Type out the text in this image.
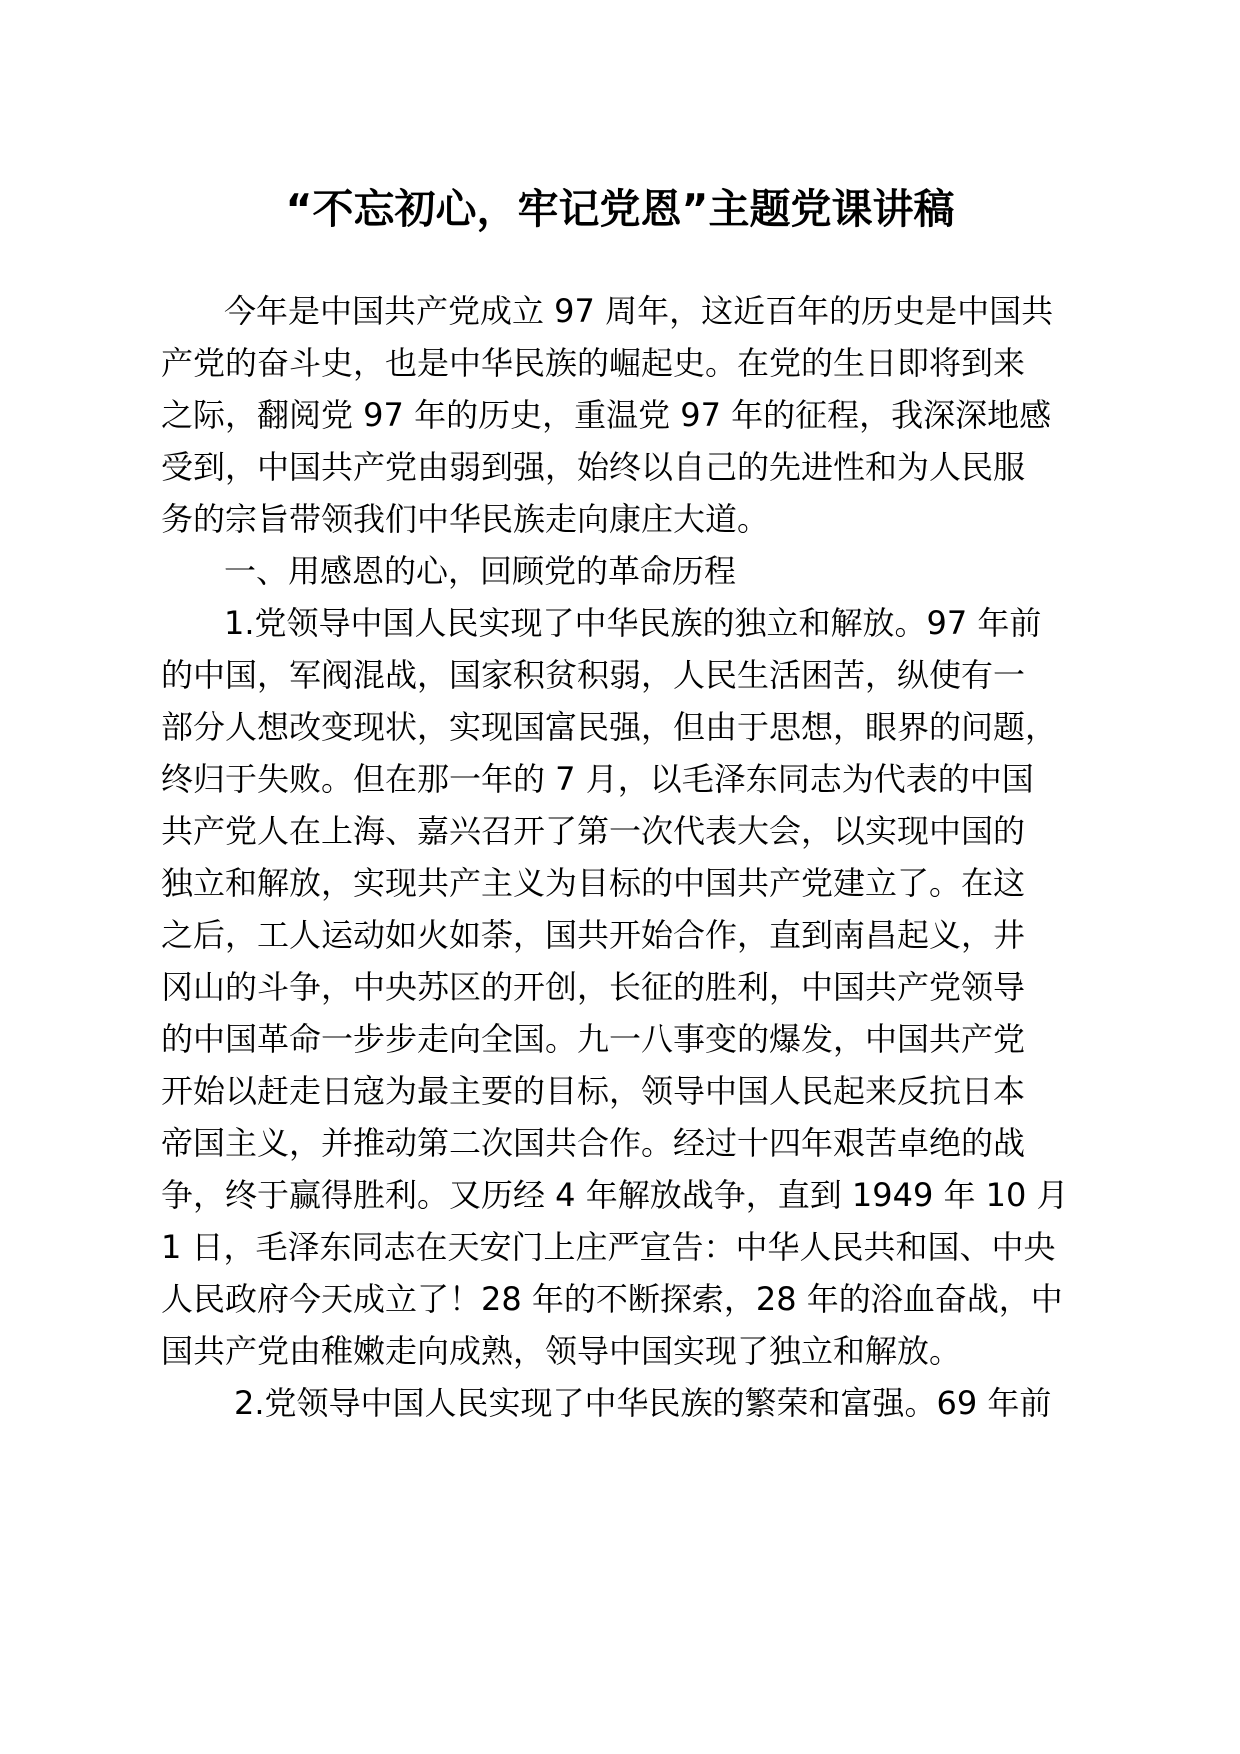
“不忘初心，牢记党恩”主题党课讲稿

今年是中国共产党成立 97 周年，这近百年的历史是中国共

产党的奋斗史，也是中华民族的崛起史。在党的生日即将到来

之际，翻阅党 97 年的历史，重温党 97 年的征程，我深深地感

受到，中国共产党由弱到强，始终以自己的先进性和为人民服

务的宗旨带领我们中华民族走向康庄大道。

一、用感恩的心，回顾党的革命历程

1.党领导中国人民实现了中华民族的独立和解放。97 年前

的中国，军阀混战，国家积贫积弱，人民生活困苦，纵使有一

部分人想改变现状，实现国富民强，但由于思想，眼界的问题，

终归于失败。但在那一年的 7 月，以毛泽东同志为代表的中国

共产党人在上海、嘉兴召开了第一次代表大会，以实现中国的

独立和解放，实现共产主义为目标的中国共产党建立了。在这

之后，工人运动如火如荼，国共开始合作，直到南昌起义，井

冈山的斗争，中央苏区的开创，长征的胜利，中国共产党领导

的中国革命一步步走向全国。九一八事变的爆发，中国共产党

开始以赶走日寇为最主要的目标，领导中国人民起来反抗日本

帝国主义，并推动第二次国共合作。经过十四年艰苦卓绝的战

争，终于赢得胜利。又历经 4 年解放战争，直到 1949 年 10 月

1 日，毛泽东同志在天安门上庄严宣告：中华人民共和国、中央

人民政府今天成立了！28 年的不断探索，28 年的浴血奋战，中

国共产党由稚嫩走向成熟，领导中国实现了独立和解放。

2.党领导中国人民实现了中华民族的繁荣和富强。69 年前
